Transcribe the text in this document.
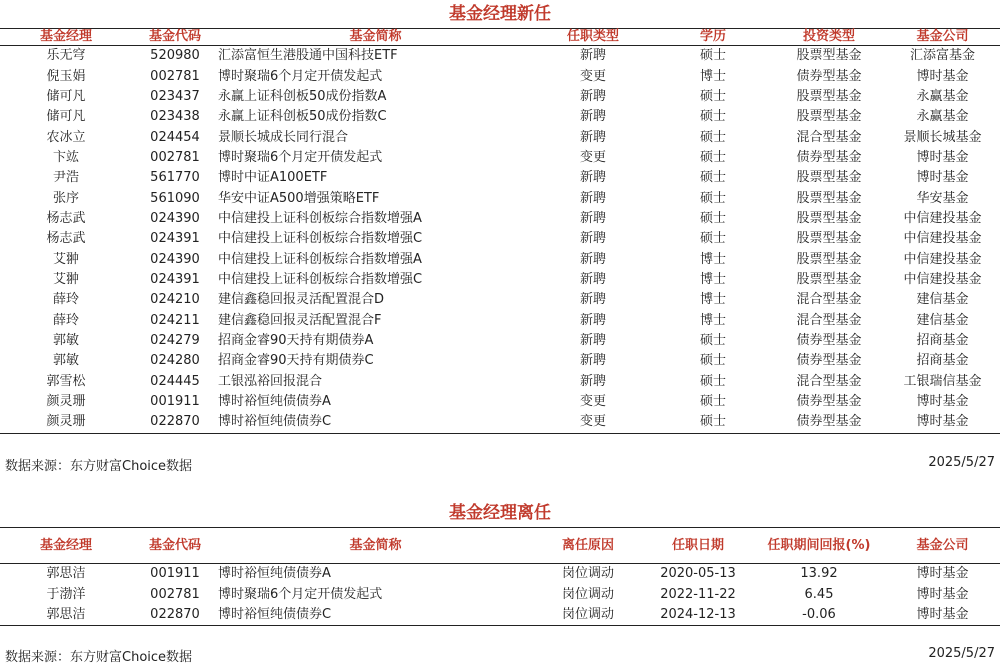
基金经理新任
基金经理	基金代码	基金简称	任职类型	学历	投资类型	基金公司
乐无穹	520980	汇添富恒生港股通中国科技ETF	新聘	硕士	股票型基金	汇添富基金
倪玉娟	002781	博时聚瑞6个月定开债发起式	变更	博士	债券型基金	博时基金
储可凡	023437	永赢上证科创板50成份指数A	新聘	硕士	股票型基金	永赢基金
储可凡	023438	永赢上证科创板50成份指数C	新聘	硕士	股票型基金	永赢基金
农冰立	024454	景顺长城成长同行混合	新聘	硕士	混合型基金	景顺长城基金
卞竑	002781	博时聚瑞6个月定开债发起式	变更	硕士	债券型基金	博时基金
尹浩	561770	博时中证A100ETF	新聘	硕士	股票型基金	博时基金
张序	561090	华安中证A500增强策略ETF	新聘	硕士	股票型基金	华安基金
杨志武	024390	中信建投上证科创板综合指数增强A	新聘	硕士	股票型基金	中信建投基金
杨志武	024391	中信建投上证科创板综合指数增强C	新聘	硕士	股票型基金	中信建投基金
艾翀	024390	中信建投上证科创板综合指数增强A	新聘	博士	股票型基金	中信建投基金
艾翀	024391	中信建投上证科创板综合指数增强C	新聘	博士	股票型基金	中信建投基金
薛玲	024210	建信鑫稳回报灵活配置混合D	新聘	博士	混合型基金	建信基金
薛玲	024211	建信鑫稳回报灵活配置混合F	新聘	博士	混合型基金	建信基金
郭敏	024279	招商金睿90天持有期债券A	新聘	硕士	债券型基金	招商基金
郭敏	024280	招商金睿90天持有期债券C	新聘	硕士	债券型基金	招商基金
郭雪松	024445	工银泓裕回报混合	新聘	硕士	混合型基金	工银瑞信基金
颜灵珊	001911	博时裕恒纯债债券A	变更	硕士	债券型基金	博时基金
颜灵珊	022870	博时裕恒纯债债券C	变更	硕士	债券型基金	博时基金
数据来源：东方财富Choice数据	2025/5/27
基金经理离任
基金经理	基金代码	基金简称	离任原因	任职日期	任职期间回报(%)	基金公司
郭思洁	001911	博时裕恒纯债债券A	岗位调动	2020-05-13	13.92	博时基金
于渤洋	002781	博时聚瑞6个月定开债发起式	岗位调动	2022-11-22	6.45	博时基金
郭思洁	022870	博时裕恒纯债债券C	岗位调动	2024-12-13	-0.06	博时基金
数据来源：东方财富Choice数据	2025/5/27
